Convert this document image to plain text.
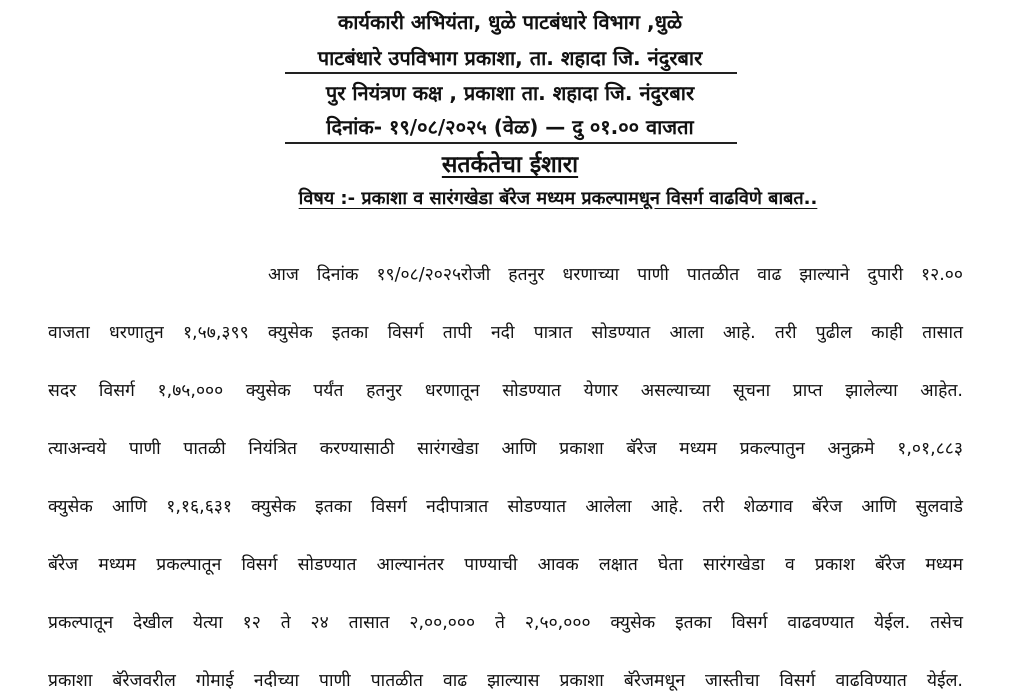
कार्यकारी अभियंता, धुळे पाटबंधारे विभाग ,धुळे
पाटबंधारे उपविभाग प्रकाशा, ता. शहादा जि. नंदुरबार
पुर नियंत्रण कक्ष , प्रकाशा ता. शहादा जि. नंदुरबार
दिनांक- १९/०८/२०२५ (वेळ) — दु ०१.०० वाजता
सतर्कतेचा ईशारा
विषय :- प्रकाशा व सारंगखेडा बॅरेज मध्यम प्रकल्पामधून विसर्ग वाढविणे बाबत..
आज दिनांक १९/०८/२०२५रोजी हतनुर धरणाच्या पाणी पातळीत वाढ झाल्याने दुपारी १२.००
वाजता धरणातुन १,५७,३९९ क्युसेक इतका विसर्ग तापी नदी पात्रात सोडण्यात आला आहे. तरी पुढील काही तासात
सदर विसर्ग १,७५,००० क्युसेक पर्यंत हतनुर धरणातून सोडण्यात येणार असल्याच्या सूचना प्राप्त झालेल्या आहेत.
त्याअन्वये पाणी पातळी नियंत्रित करण्यासाठी सारंगखेडा आणि प्रकाशा बॅरेज मध्यम प्रकल्पातुन अनुक्रमे १,०१,८८३
क्युसेक आणि १,१६,६३१ क्युसेक इतका विसर्ग नदीपात्रात सोडण्यात आलेला आहे. तरी शेळगाव बॅरेज आणि सुलवाडे
बॅरेज मध्यम प्रकल्पातून विसर्ग सोडण्यात आल्यानंतर पाण्याची आवक लक्षात घेता सारंगखेडा व प्रकाश बॅरेज मध्यम
प्रकल्पातून देखील येत्या १२ ते २४ तासात २,००,००० ते २,५०,००० क्युसेक इतका विसर्ग वाढवण्यात येईल. तसेच
प्रकाशा बॅरेजवरील गोमाई नदीच्या पाणी पातळीत वाढ झाल्यास प्रकाशा बॅरेजमधून जास्तीचा विसर्ग वाढविण्यात येईल.
